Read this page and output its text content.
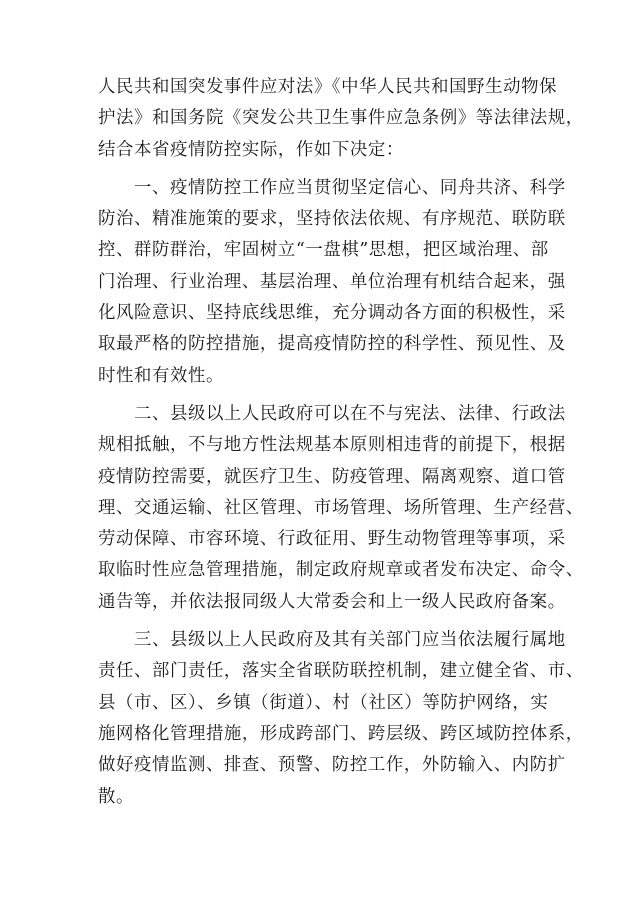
人民共和国突发事件应对法》《中华人民共和国野生动物保
护法》和国务院《突发公共卫生事件应急条例》等法律法规，
结合本省疫情防控实际，作如下决定：
　　一、疫情防控工作应当贯彻坚定信心、同舟共济、科学
防治、精准施策的要求，坚持依法依规、有序规范、联防联
控、群防群治，牢固树立“一盘棋”思想，把区域治理、部
门治理、行业治理、基层治理、单位治理有机结合起来，强
化风险意识、坚持底线思维，充分调动各方面的积极性，采
取最严格的防控措施，提高疫情防控的科学性、预见性、及
时性和有效性。
　　二、县级以上人民政府可以在不与宪法、法律、行政法
规相抵触，不与地方性法规基本原则相违背的前提下，根据
疫情防控需要，就医疗卫生、防疫管理、隔离观察、道口管
理、交通运输、社区管理、市场管理、场所管理、生产经营、
劳动保障、市容环境、行政征用、野生动物管理等事项，采
取临时性应急管理措施，制定政府规章或者发布决定、命令、
通告等，并依法报同级人大常委会和上一级人民政府备案。
　　三、县级以上人民政府及其有关部门应当依法履行属地
责任、部门责任，落实全省联防联控机制，建立健全省、市、
县（市、区）、乡镇（街道）、村（社区）等防护网络，实
施网格化管理措施，形成跨部门、跨层级、跨区域防控体系，
做好疫情监测、排查、预警、防控工作，外防输入、内防扩
散。
